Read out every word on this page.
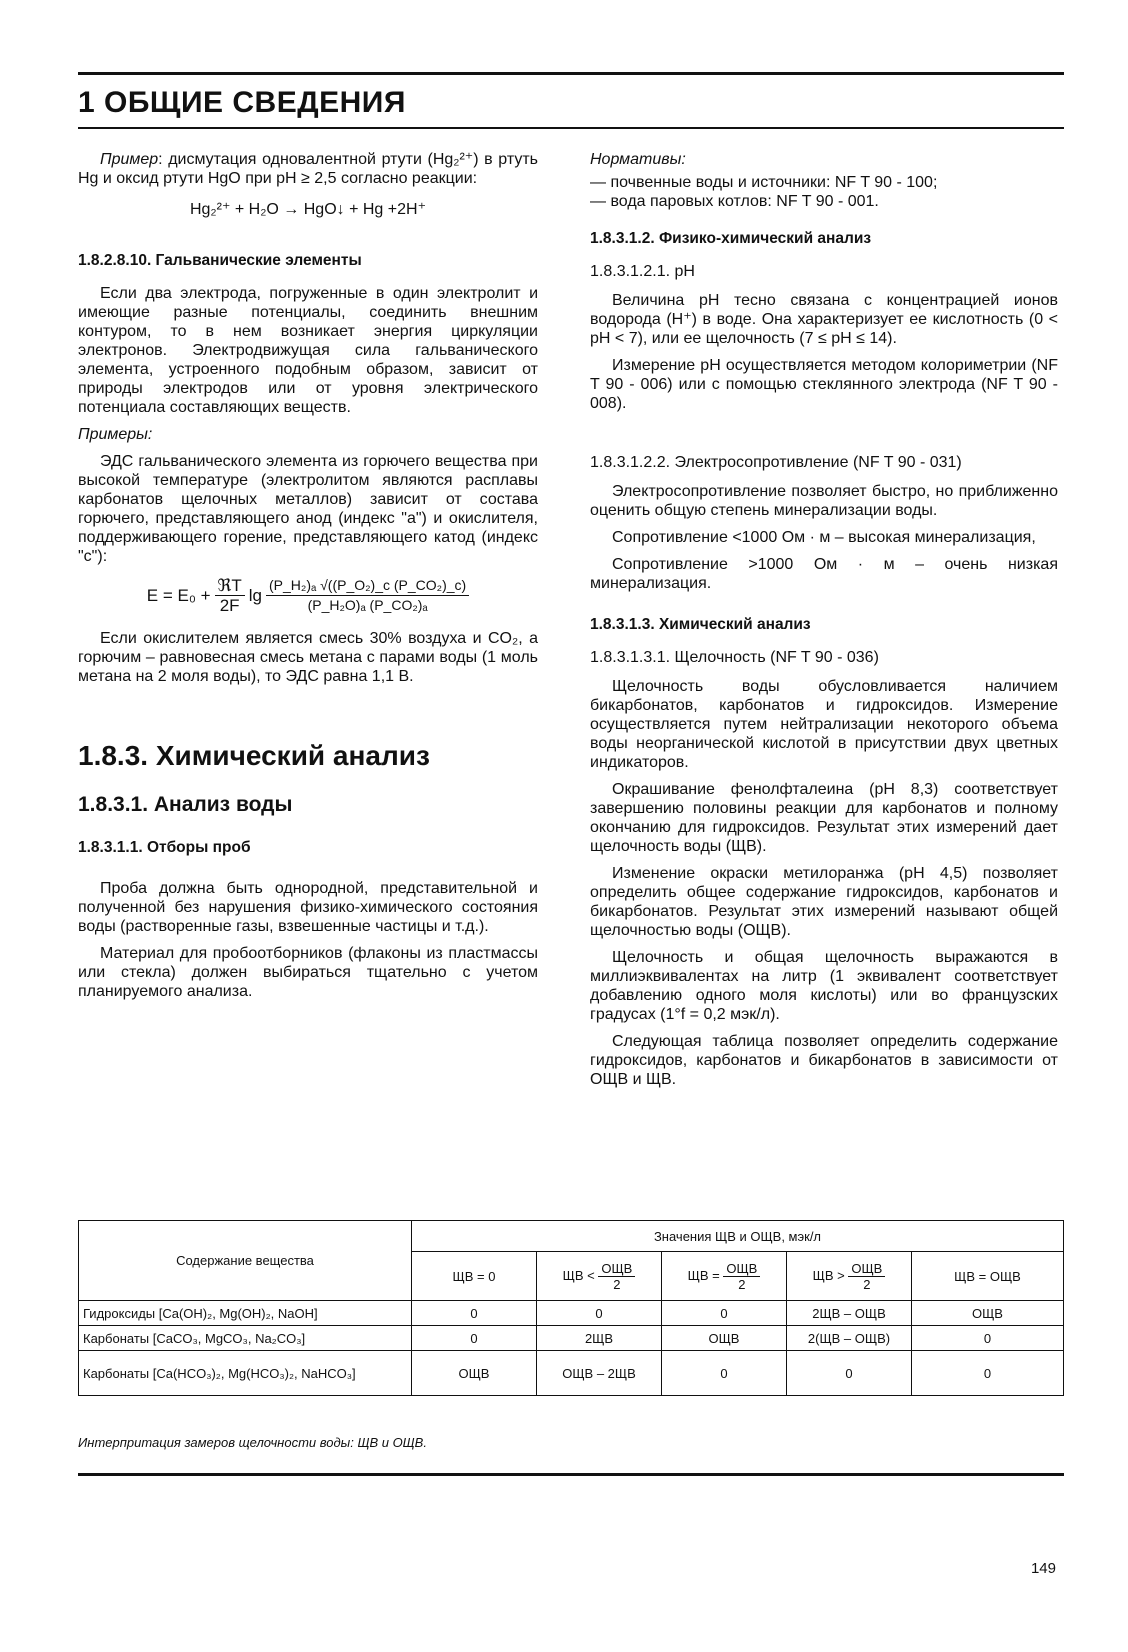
1 ОБЩИЕ СВЕДЕНИЯ

Пример: дисмутация одновалентной ртути (Hg₂²⁺) в ртуть Hg и оксид ртути HgO при pH ≥ 2,5 согласно реакции:

Hg₂²⁺ + H₂O → HgO↓ + Hg +2H⁺
1.8.2.8.10. Гальванические элементы

Если два электрода, погруженные в один электролит и имеющие разные потенциалы, соединить внешним контуром, то в нем возникает энергия циркуляции электронов. Электродвижущая сила гальванического элемента, устроенного подобным образом, зависит от природы электродов или от уровня электрического потенциала составляющих веществ.

Примеры:

ЭДС гальванического элемента из горючего вещества при высокой температуре (электролитом являются расплавы карбонатов щелочных металлов) зависит от состава горючего, представляющего анод (индекс "a") и окислителя, поддерживающего горение, представляющего катод (индекс "c"):

$E = E_0 + \frac{\text{ℜT}}{2F}$ $\lg \frac{\text{(P\_H₂)ₐ √((P\_O₂)\_c (P\_CO₂)\_c)}}{\text{(P\_H₂O)ₐ (P\_CO₂)ₐ}}$

Если окислителем является смесь 30% воздуха и CO₂, а горючим – равновесная смесь метана с парами воды (1 моль метана на 2 моля воды), то ЭДС равна 1,1 В.

1.8.3. Химический анализ
1.8.3.1. Анализ воды
1.8.3.1.1. Отборы проб

Проба должна быть однородной, представительной и полученной без нарушения физико-химического состояния воды (растворенные газы, взвешенные частицы и т.д.).

Материал для пробоотборников (флаконы из пластмассы или стекла) должен выбираться тщательно с учетом планируемого анализа.

Нормативы:

— почвенные воды и источники: NF T 90 - 100;

— вода паровых котлов: NF T 90 - 001.

1.8.3.1.2. Физико-химический анализ
1.8.3.1.2.1. pH

Величина pH тесно связана с концентрацией ионов водорода (H⁺) в воде. Она характеризует ее кислотность (0 < pH < 7), или ее щелочность (7 ≤ pH ≤ 14).

Измерение pH осуществляется методом колориметрии (NF T 90 - 006) или с помощью стеклянного электрода (NF T 90 - 008).

1.8.3.1.2.2. Электросопротивление (NF T 90 - 031)

Электросопротивление позволяет быстро, но приближенно оценить общую степень минерализации воды.

Сопротивление <1000 Ом · м – высокая минерализация,

Сопротивление >1000 Ом · м – очень низкая минерализация.

1.8.3.1.3. Химический анализ
1.8.3.1.3.1. Щелочность (NF T 90 - 036)

Щелочность воды обусловливается наличием бикарбонатов, карбонатов и гидроксидов. Измерение осуществляется путем нейтрализации некоторого объема воды неорганической кислотой в присутствии двух цветных индикаторов.

Окрашивание фенолфталеина (pH 8,3) соответствует завершению половины реакции для карбонатов и полному окончанию для гидроксидов. Результат этих измерений дает щелочность воды (ЩВ).

Изменение окраски метилоранжа (pH 4,5) позволяет определить общее содержание гидроксидов, карбонатов и бикарбонатов. Результат этих измерений называют общей щелочностью воды (ОЩВ).

Щелочность и общая щелочность выражаются в миллиэквивалентах на литр (1 эквивалент соответствует добавлению одного моля кислоты) или во французских градусах (1°f = 0,2 мэк/л).

Следующая таблица позволяет определить содержание гидроксидов, карбонатов и бикарбонатов в зависимости от ОЩВ и ЩВ.

Содержание вещества	Значения ЩВ и ОЩВ, мэк/л				
	ЩВ = 0	ЩВ < $\frac{\text{ОЩВ}}{2}$	ЩВ = $\frac{\text{ОЩВ}}{2}$	ЩВ > $\frac{\text{ОЩВ}}{2}$	ЩВ = ОЩВ
Гидроксиды [Ca(OH)₂, Mg(OH)₂, NaOH]	0	0	0	2ЩВ – ОЩВ	ОЩВ
Карбонаты [CaCO₃, MgCO₃, Na₂CO₃]	0	2ЩВ	ОЩВ	2(ЩВ – ОЩВ)	0
Карбонаты [Ca(HCO₃)₂, Mg(HCO₃)₂, NaHCO₃]	ОЩВ	ОЩВ – 2ЩВ	0	0	0
Интерпритация замеров щелочности воды: ЩВ и ОЩВ.
149
